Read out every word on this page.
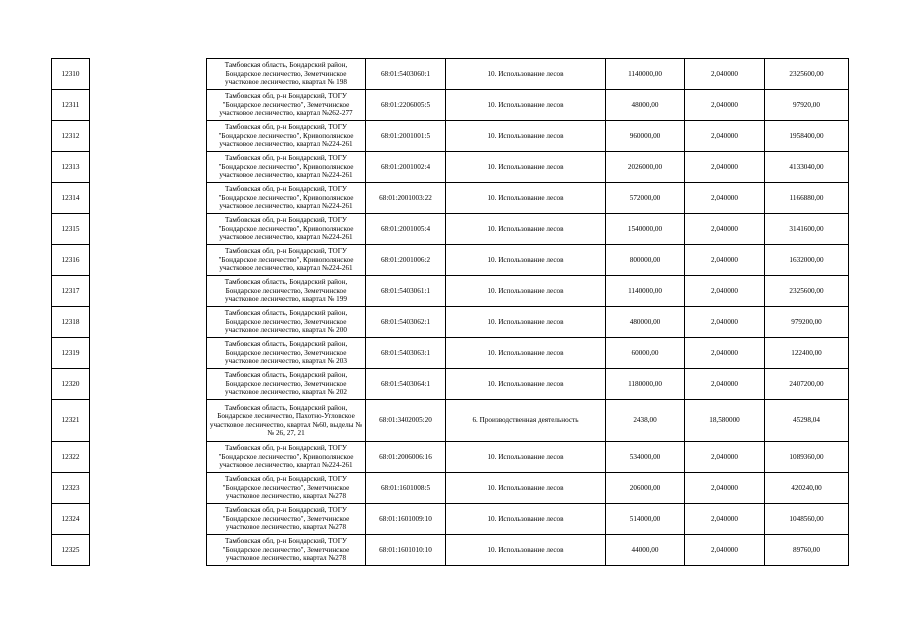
12310		Тамбовская область, Бондарский район, Бондарское лесничество, Земетчинское участковое лесничество, квартал № 198	68:01:5403060:1	10. Использование лесов	1140000,00	2,040000	2325600,00
12311		Тамбовская обл, р-н Бондарский, ТОГУ "Бондарское лесничество", Земетчинское участковое лесничество, квартал №262-277	68:01:2206005:5	10. Использование лесов	48000,00	2,040000	97920,00
12312		Тамбовская обл, р-н Бондарский, ТОГУ "Бондарское лесничество", Кривополянское участковое лесничество, квартал №224-261	68:01:2001001:5	10. Использование лесов	960000,00	2,040000	1958400,00
12313		Тамбовская обл, р-н Бондарский, ТОГУ "Бондарское лесничество", Кривополянское участковое лесничество, квартал №224-261	68:01:2001002:4	10. Использование лесов	2026000,00	2,040000	4133040,00
12314		Тамбовская обл, р-н Бондарский, ТОГУ "Бондарское лесничество", Кривополянское участковое лесничество, квартал №224-261	68:01:2001003:22	10. Использование лесов	572000,00	2,040000	1166880,00
12315		Тамбовская обл, р-н Бондарский, ТОГУ "Бондарское лесничество", Кривополянское участковое лесничество, квартал №224-261	68:01:2001005:4	10. Использование лесов	1540000,00	2,040000	3141600,00
12316		Тамбовская обл, р-н Бондарский, ТОГУ "Бондарское лесничество", Кривополянское участковое лесничество, квартал №224-261	68:01:2001006:2	10. Использование лесов	800000,00	2,040000	1632000,00
12317		Тамбовская область, Бондарский район, Бондарское лесничество, Земетчинское участковое лесничество, квартал № 199	68:01:5403061:1	10. Использование лесов	1140000,00	2,040000	2325600,00
12318		Тамбовская область, Бондарский район, Бондарское лесничество, Земетчинское участковое лесничество, квартал № 200	68:01:5403062:1	10. Использование лесов	480000,00	2,040000	979200,00
12319		Тамбовская область, Бондарский район, Бондарское лесничество, Земетчинское участковое лесничество, квартал № 203	68:01:5403063:1	10. Использование лесов	60000,00	2,040000	122400,00
12320		Тамбовская область, Бондарский район, Бондарское лесничество, Земетчинское участковое лесничество, квартал № 202	68:01:5403064:1	10. Использование лесов	1180000,00	2,040000	2407200,00
12321		Тамбовская область, Бондарский район, Бондарское лесничество, Пахотно-Угловское участковое лесничество, квартал №60, выделы №№ 26, 27, 21	68:01:3402005:20	6. Производственная деятельность	2438,00	18,580000	45298,04
12322		Тамбовская обл, р-н Бондарский, ТОГУ "Бондарское лесничество", Кривополянское участковое лесничество, квартал №224-261	68:01:2006006:16	10. Использование лесов	534000,00	2,040000	1089360,00
12323		Тамбовская обл, р-н Бондарский, ТОГУ "Бондарское лесничество", Земетчинское участковое лесничество, квартал №278	68:01:1601008:5	10. Использование лесов	206000,00	2,040000	420240,00
12324		Тамбовская обл, р-н Бондарский, ТОГУ "Бондарское лесничество", Земетчинское участковое лесничество, квартал №278	68:01:1601009:10	10. Использование лесов	514000,00	2,040000	1048560,00
12325		Тамбовская обл, р-н Бондарский, ТОГУ "Бондарское лесничество", Земетчинское участковое лесничество, квартал №278	68:01:1601010:10	10. Использование лесов	44000,00	2,040000	89760,00
